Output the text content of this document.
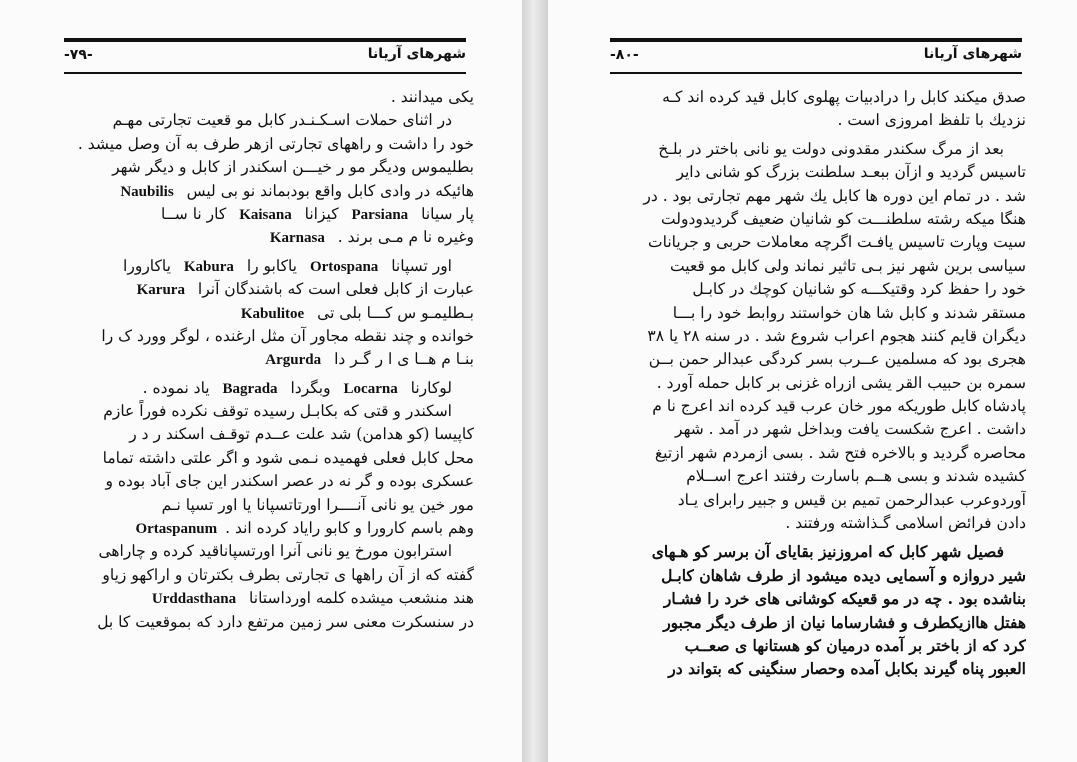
-۷۹-	شهرهای آریانا
یکی میدانند .
در اثنای حملات اسـکـنـدر کابل مو قعیت تجارتی مهـم
خود را داشت و راههای تجارتی ازهر طرف به آن وصل میشد .
بطلیموس ودیگر مو ر خیـــن اسکندر از کابل و دیگر شهر
هائیکه در وادی کابل واقع بودبماند نو بی لیس Naubilis
پار سیانا Parsiana کیزانا Kaisana کار نا ســا
وغیره نا م مـی برند . Karnasa
اور تسپانا Ortospana یاکابو را Kabura یاکارورا
عبارت از کابل فعلی است که باشندگان آنرا Karura
بـطلیمـو س کـــا بلی تی Kabulitoe
خوانده و چند نقطه مجاور آن مثل ارغنده ، لوگر وورد ک را
بنـا م هــا ی ا ر گـر دا Argurda
لوکارنا Locarna وبگردا Bagrada یاد نموده .
اسکندر و قتی که بکابـل رسیده توقف نکرده فوراً عازم
کاپیسا (کو هدامن) شد علت عــدم توقـف اسکند ر د ر
محل کابل فعلی فهمیده نـمی شود و اگر علتی داشته تماما
عسکری بوده و گر نه در عصر اسکندر این جای آباد بوده و
مور خین یو نانی آنــــرا اورتاتسپانا یا اور تسپا نـم
وهم باسم کارورا و کابو رایاد کرده اند .Ortaspanum
استرابون مورخ یو نانی آنرا اورتسپاناقید کرده و چاراهی
گفته که از آن راهها ی تجارتی بطرف بکترتان و اراکهو زیاو
هند منشعب میشده کلمه اورداستانا Urddasthana
در سنسکرت معنی سر زمین مرتفع دارد که بموقعیت کا بل
-۸۰-	شهرهای آریانا
صدق میکند کابل را درادبیات پهلوی کابل قید کرده اند کـه
نزدیك با تلفظ امروزی است .
بعد از مرگ سکندر مقدونی دولت یو نانی باختر در بلـخ
تاسیس گردید و ازآن ببعـد سلطنت بزرگ کو شانی دایر
شد . در تمام این دوره ها کابل یك شهر مهم تجارتی بود . در
هنگا میکه رشته سلطنـــت کو شانیان ضعیف گردیدودولت
سیت وپارت تاسیس یافـت اگرچه معاملات حربی و جریانات
سیاسی برین شهر نیز بـی تاثیر نماند ولی کابل مو قعیت
خود را حفظ کرد وقتیکـــه کو شانیان کوچك در کابـل
مستقر شدند و کابل شا هان خواستند روابط خود را بـــا
دیگران قایم کنند هجوم اعراب شروع شد . در سنه ۲۸ یا ۳۸
هجری بود که مسلمین عــرب بسر کردگی عبدالر حمن بــن
سمره بن حبیب القر یشی ازراه غزنی بر کابل حمله آورد .
پادشاه کابل طوریکه مور خان عرب قید کرده اند اعرج نا م
داشت . اعرج شکست یافت وبداخل شهر در آمد . شهر
محاصره گردید و بالاخره فتح شد . بسی ازمردم شهر ازتیغ
کشیده شدند و بسی هــم باسارت رفتند اعرج اســلام
آوردوعرب عبدالرحمن تمیم بن قیس و جبیر رابرای یـاد
دادن فرائض اسلامی گـذاشته ورفتند .
فصیل شهر کابل که امروزنیز بقایای آن برسر کو هـهای
شیر دروازه و آسمایی دیده میشود از طرف شاهان کابـل
بناشده بود . چه در مو قعیکه کوشانی های خرد را فشـار
هفتل هاازیکطرف و فشارساما نیان از طرف دیگر مجبور
کرد که از باختر بر آمده درمیان کو هستانها ی صعــب
العبور پناه گیرند بکابل آمده وحصار سنگینی که بتواند در
